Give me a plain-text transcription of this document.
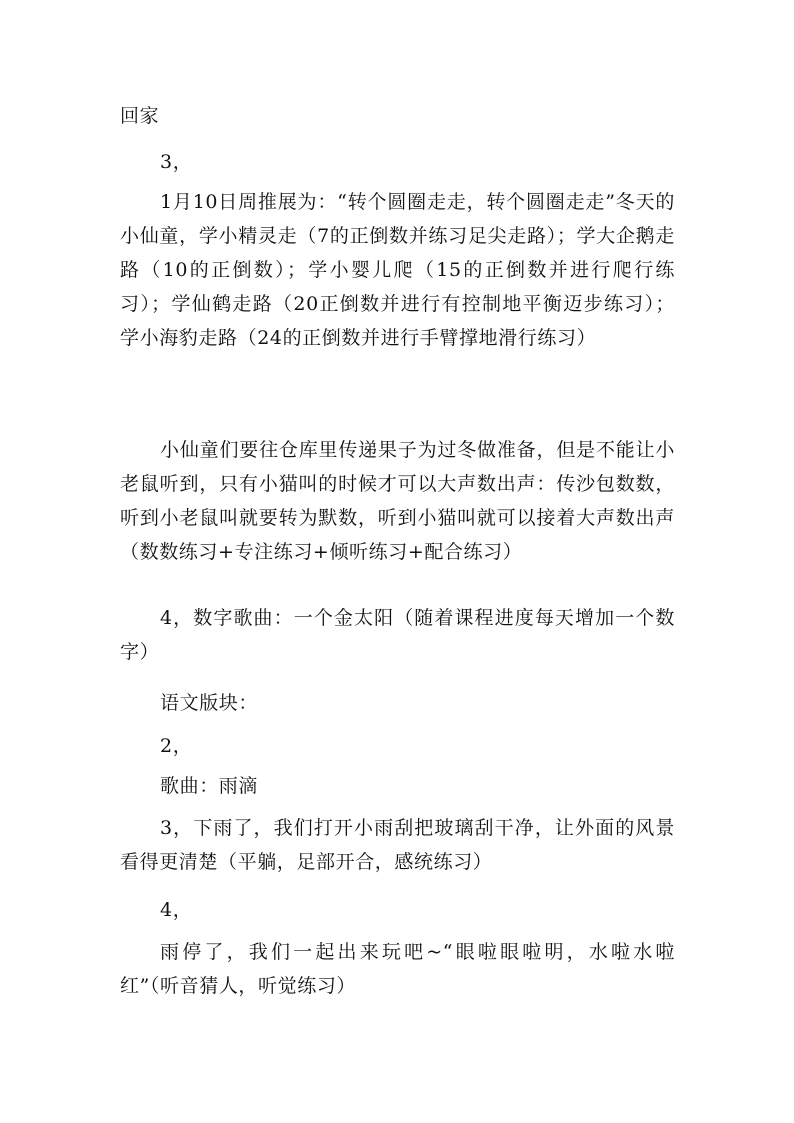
回家

3，

1月10日周推展为：“转个圆圈走走，转个圆圈走走”冬天的小仙童，学小精灵走（7的正倒数并练习足尖走路）；学大企鹅走路（10的正倒数）；学小婴儿爬（15的正倒数并进行爬行练习）；学仙鹤走路（20正倒数并进行有控制地平衡迈步练习）；学小海豹走路（24的正倒数并进行手臂撑地滑行练习）

小仙童们要往仓库里传递果子为过冬做准备，但是不能让小老鼠听到，只有小猫叫的时候才可以大声数出声：传沙包数数，听到小老鼠叫就要转为默数，听到小猫叫就可以接着大声数出声（数数练习+专注练习+倾听练习+配合练习）

4，数字歌曲：一个金太阳（随着课程进度每天增加一个数字）

语文版块：

2，

歌曲：雨滴

3，下雨了，我们打开小雨刮把玻璃刮干净，让外面的风景看得更清楚（平躺，足部开合，感统练习）

4，

雨停了，我们一起出来玩吧~“眼啦眼啦明，水啦水啦红”（听音猜人，听觉练习）
